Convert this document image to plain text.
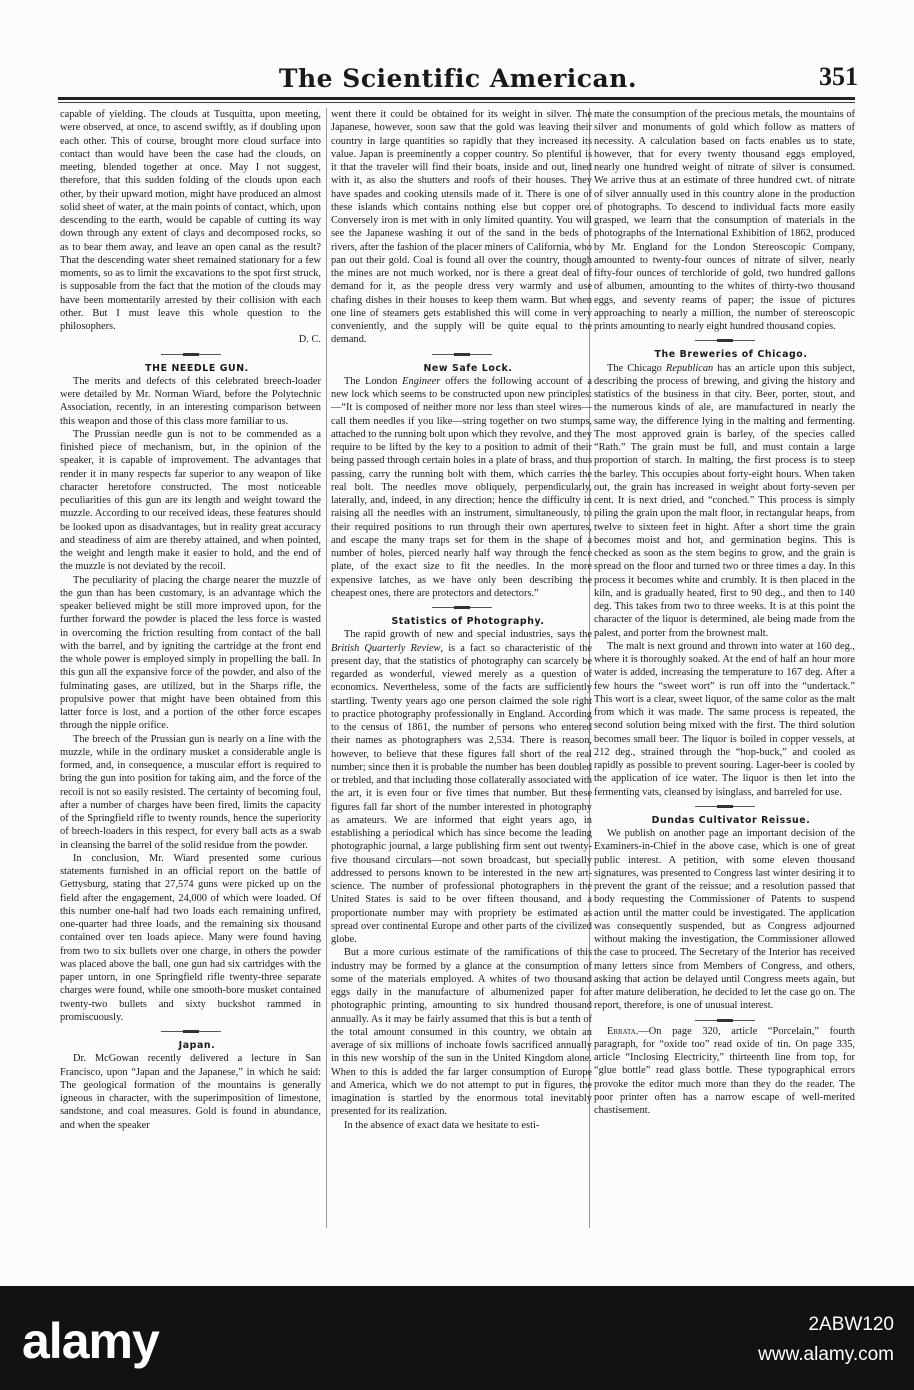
The Scientific American.	351

capable of yielding. The clouds at Tusquitta, upon meeting, were observed, at once, to ascend swiftly, as if doubling upon each other. This of course, brought more cloud surface into contact than would have been the case had the clouds, on meeting, blended together at once. May I not suggest, therefore, that this sudden folding of the clouds upon each other, by their upward motion, might have produced an almost solid sheet of water, at the main points of contact, which, upon descending to the earth, would be capable of cutting its way down through any extent of clays and decomposed rocks, so as to bear them away, and leave an open canal as the result? That the descending water sheet remained stationary for a few moments, so as to limit the excavations to the spot first struck, is supposable from the fact that the motion of the clouds may have been momentarily arrested by their collision with each other. But I must leave this whole question to the philosophers.

D. C.

THE NEEDLE GUN.

The merits and defects of this celebrated breech-loader were detailed by Mr. Norman Wiard, before the Polytechnic Association, recently, in an interesting comparison between this weapon and those of this class more familiar to us.

The Prussian needle gun is not to be commended as a finished piece of mechanism, but, in the opinion of the speaker, it is capable of improvement. The advantages that render it in many respects far superior to any weapon of like character heretofore constructed. The most noticeable peculiarities of this gun are its length and weight toward the muzzle. According to our received ideas, these features should be looked upon as disadvantages, but in reality great accuracy and steadiness of aim are thereby attained, and when pointed, the weight and length make it easier to hold, and the end of the muzzle is not deviated by the recoil.

The peculiarity of placing the charge nearer the muzzle of the gun than has been customary, is an advantage which the speaker believed might be still more improved upon, for the further forward the powder is placed the less force is wasted in overcoming the friction resulting from contact of the ball with the barrel, and by igniting the cartridge at the front end the whole power is employed simply in propelling the ball. In this gun all the expansive force of the powder, and also of the fulminating gases, are utilized, but in the Sharps rifle, the propulsive power that might have been obtained from this latter force is lost, and a portion of the other force escapes through the nipple orifice.

The breech of the Prussian gun is nearly on a line with the muzzle, while in the ordinary musket a considerable angle is formed, and, in consequence, a muscular effort is required to bring the gun into position for taking aim, and the force of the recoil is not so easily resisted. The certainty of becoming foul, after a number of charges have been fired, limits the capacity of the Springfield rifle to twenty rounds, hence the superiority of breech-loaders in this respect, for every ball acts as a swab in cleansing the barrel of the solid residue from the powder.

In conclusion, Mr. Wiard presented some curious statements furnished in an official report on the battle of Gettysburg, stating that 27,574 guns were picked up on the field after the engagement, 24,000 of which were loaded. Of this number one-half had two loads each remaining unfired, one-quarter had three loads, and the remaining six thousand contained over ten loads apiece. Many were found having from two to six bullets over one charge, in others the powder was placed above the ball, one gun had six cartridges with the paper untorn, in one Springfield rifle twenty-three separate charges were found, while one smooth-bore musket contained twenty-two bullets and sixty buckshot rammed in promiscuously.

Japan.

Dr. McGowan recently delivered a lecture in San Francisco, upon “Japan and the Japanese,” in which he said: The geological formation of the mountains is generally igneous in character, with the superimposition of limestone, sandstone, and coal measures. Gold is found in abundance, and when the speaker

went there it could be obtained for its weight in silver. The Japanese, however, soon saw that the gold was leaving their country in large quantities so rapidly that they increased its value. Japan is preeminently a copper country. So plentiful is it that the traveler will find their boats, inside and out, lined with it, as also the shutters and roofs of their houses. They have spades and cooking utensils made of it. There is one of these islands which contains nothing else but copper ore. Conversely iron is met with in only limited quantity. You will see the Japanese washing it out of the sand in the beds of rivers, after the fashion of the placer miners of California, who pan out their gold. Coal is found all over the country, though the mines are not much worked, nor is there a great deal of demand for it, as the people dress very warmly and use chafing dishes in their houses to keep them warm. But when one line of steamers gets established this will come in very conveniently, and the supply will be quite equal to the demand.

New Safe Lock.

The London Engineer offers the following account of a new lock which seems to be constructed upon new principles:—“It is composed of neither more nor less than steel wires—call them needles if you like—string together on two stumps, attached to the running bolt upon which they revolve, and they require to be lifted by the key to a position to admit of their being passed through certain holes in a plate of brass, and thus passing, carry the running bolt with them, which carries the real bolt. The needles move obliquely, perpendicularly, laterally, and, indeed, in any direction; hence the difficulty in raising all the needles with an instrument, simultaneously, to their required positions to run through their own apertures, and escape the many traps set for them in the shape of a number of holes, pierced nearly half way through the fence plate, of the exact size to fit the needles. In the more expensive latches, as we have only been describing the cheapest ones, there are protectors and detectors.”

Statistics of Photography.

The rapid growth of new and special industries, says the British Quarterly Review, is a fact so characteristic of the present day, that the statistics of photography can scarcely be regarded as wonderful, viewed merely as a question of economics. Nevertheless, some of the facts are sufficiently startling. Twenty years ago one person claimed the sole right to practice photography professionally in England. According to the census of 1861, the number of persons who entered their names as photographers was 2,534. There is reason, however, to believe that these figures fall short of the real number; since then it is probable the number has been doubled or trebled, and that including those collaterally associated with the art, it is even four or five times that number. But these figures fall far short of the number interested in photography as amateurs. We are informed that eight years ago, in establishing a periodical which has since become the leading photographic journal, a large publishing firm sent out twenty-five thousand circulars—not sown broadcast, but specially addressed to persons known to be interested in the new art-science. The number of professional photographers in the United States is said to be over fifteen thousand, and a proportionate number may with propriety be estimated as spread over continental Europe and other parts of the civilized globe.

But a more curious estimate of the ramifications of this industry may be formed by a glance at the consumption of some of the materials employed. A whites of two thousand eggs daily in the manufacture of albumenized paper for photographic printing, amounting to six hundred thousand annually. As it may be fairly assumed that this is but a tenth of the total amount consumed in this country, we obtain an average of six millions of inchoate fowls sacrificed annually in this new worship of the sun in the United Kingdom alone. When to this is added the far larger consumption of Europe and America, which we do not attempt to put in figures, the imagination is startled by the enormous total inevitably presented for its realization.

In the absence of exact data we hesitate to esti-

mate the consumption of the precious metals, the mountains of silver and monuments of gold which follow as matters of necessity. A calculation based on facts enables us to state, however, that for every twenty thousand eggs employed, nearly one hundred weight of nitrate of silver is consumed. We arrive thus at an estimate of three hundred cwt. of nitrate of silver annually used in this country alone in the production of photographs. To descend to individual facts more easily grasped, we learn that the consumption of materials in the photographs of the International Exhibition of 1862, produced by Mr. England for the London Stereoscopic Company, amounted to twenty-four ounces of nitrate of silver, nearly fifty-four ounces of terchloride of gold, two hundred gallons of albumen, amounting to the whites of thirty-two thousand eggs, and seventy reams of paper; the issue of pictures approaching to nearly a million, the number of stereoscopic prints amounting to nearly eight hundred thousand copies.

The Breweries of Chicago.

The Chicago Republican has an article upon this subject, describing the process of brewing, and giving the history and statistics of the business in that city. Beer, porter, stout, and the numerous kinds of ale, are manufactured in nearly the same way, the difference lying in the malting and fermenting. The most approved grain is barley, of the species called “Rath.” The grain must be full, and must contain a large proportion of starch. In malting, the first process is to steep the barley. This occupies about forty-eight hours. When taken out, the grain has increased in weight about forty-seven per cent. It is next dried, and “conched.” This process is simply piling the grain upon the malt floor, in rectangular heaps, from twelve to sixteen feet in hight. After a short time the grain becomes moist and hot, and germination begins. This is checked as soon as the stem begins to grow, and the grain is spread on the floor and turned two or three times a day. In this process it becomes white and crumbly. It is then placed in the kiln, and is gradually heated, first to 90 deg., and then to 140 deg. This takes from two to three weeks. It is at this point the character of the liquor is determined, ale being made from the palest, and porter from the brownest malt.

The malt is next ground and thrown into water at 160 deg., where it is thoroughly soaked. At the end of half an hour more water is added, increasing the temperature to 167 deg. After a few hours the “sweet wort” is run off into the “undertack.” This wort is a clear, sweet liquor, of the same color as the malt from which it was made. The same process is repeated, the second solution being mixed with the first. The third solution becomes small beer. The liquor is boiled in copper vessels, at 212 deg., strained through the “hop-buck,” and cooled as rapidly as possible to prevent souring. Lager-beer is cooled by the application of ice water. The liquor is then let into the fermenting vats, cleansed by isinglass, and barreled for use.

Dundas Cultivator Reissue.

We publish on another page an important decision of the Examiners-in-Chief in the above case, which is one of great public interest. A petition, with some eleven thousand signatures, was presented to Congress last winter desiring it to prevent the grant of the reissue; and a resolution passed that body requesting the Commissioner of Patents to suspend action until the matter could be investigated. The application was consequently suspended, but as Congress adjourned without making the investigation, the Commissioner allowed the case to proceed. The Secretary of the Interior has received many letters since from Members of Congress, and others, asking that action be delayed until Congress meets again, but after mature deliberation, he decided to let the case go on. The report, therefore, is one of unusual interest.

Errata.—On page 320, article “Porcelain,” fourth paragraph, for “oxide too” read oxide of tin. On page 335, article “Inclosing Electricity,” thirteenth line from top, for “glue bottle” read glass bottle. These typographical errors provoke the editor much more than they do the reader. The poor printer often has a narrow escape of well-merited chastisement.

alamy	2ABW120
www.alamy.com
